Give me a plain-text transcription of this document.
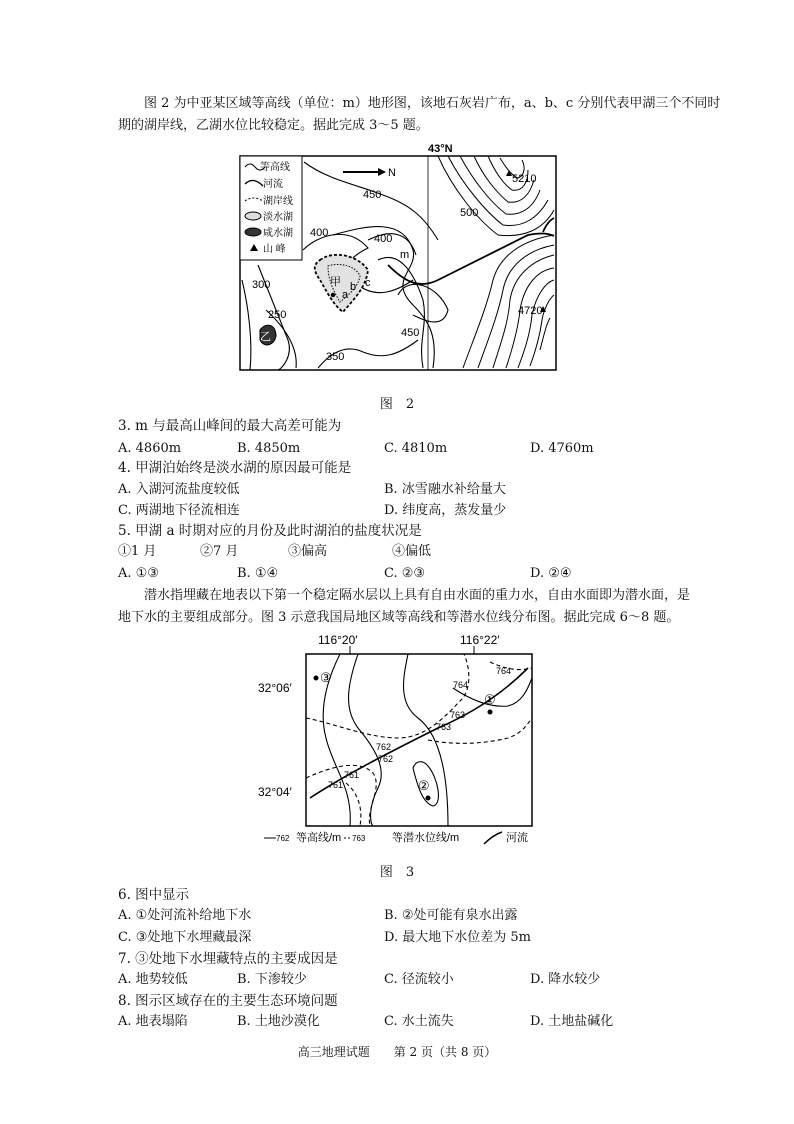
图 2 为中亚某区域等高线（单位：m）地形图，该地石灰岩广布，a、b、c 分别代表甲湖三个不同时期的湖岸线，乙湖水位比较稳定。据此完成 3～5 题。
43°N
等高线
河流
湖岸线
淡水湖
咸水湖
山 峰
N
450
500
400	400
m
300
250
350
450
甲
a
b c
乙
5210
4720
图　2
3. m 与最高山峰间的最大高差可能为
A. 4860m	B. 4850m	C. 4810m	D. 4760m
4. 甲湖泊始终是淡水湖的原因最可能是
A. 入湖河流盐度较低	B. 冰雪融水补给量大
C. 两湖地下径流相连	D. 纬度高，蒸发量少
5. 甲湖 a 时期对应的月份及此时湖泊的盐度状况是
①1 月	②7 月	③偏高	④偏低
A. ①③	B. ①④	C. ②③	D. ②④
潜水指埋藏在地表以下第一个稳定隔水层以上具有自由水面的重力水，自由水面即为潜水面，是
地下水的主要组成部分。图 3 示意我国局地区域等高线和等潜水位线分布图。据此完成 6～8 题。
116°20′	116°22′
32°06′
32°04′
764
764
763
763
762
762
761
761
③
①
②
762 等高线/m 763 等潜水位线/m	河流
图　3
6. 图中显示
A. ①处河流补给地下水	B. ②处可能有泉水出露
C. ③处地下水埋藏最深	D. 最大地下水位差为 5m
7. ③处地下水埋藏特点的主要成因是
A. 地势较低	B. 下渗较少	C. 径流较小	D. 降水较少
8. 图示区域存在的主要生态环境问题
A. 地表塌陷	B. 土地沙漠化	C. 水土流失	D. 土地盐碱化
高三地理试题　　第 2 页（共 8 页）
